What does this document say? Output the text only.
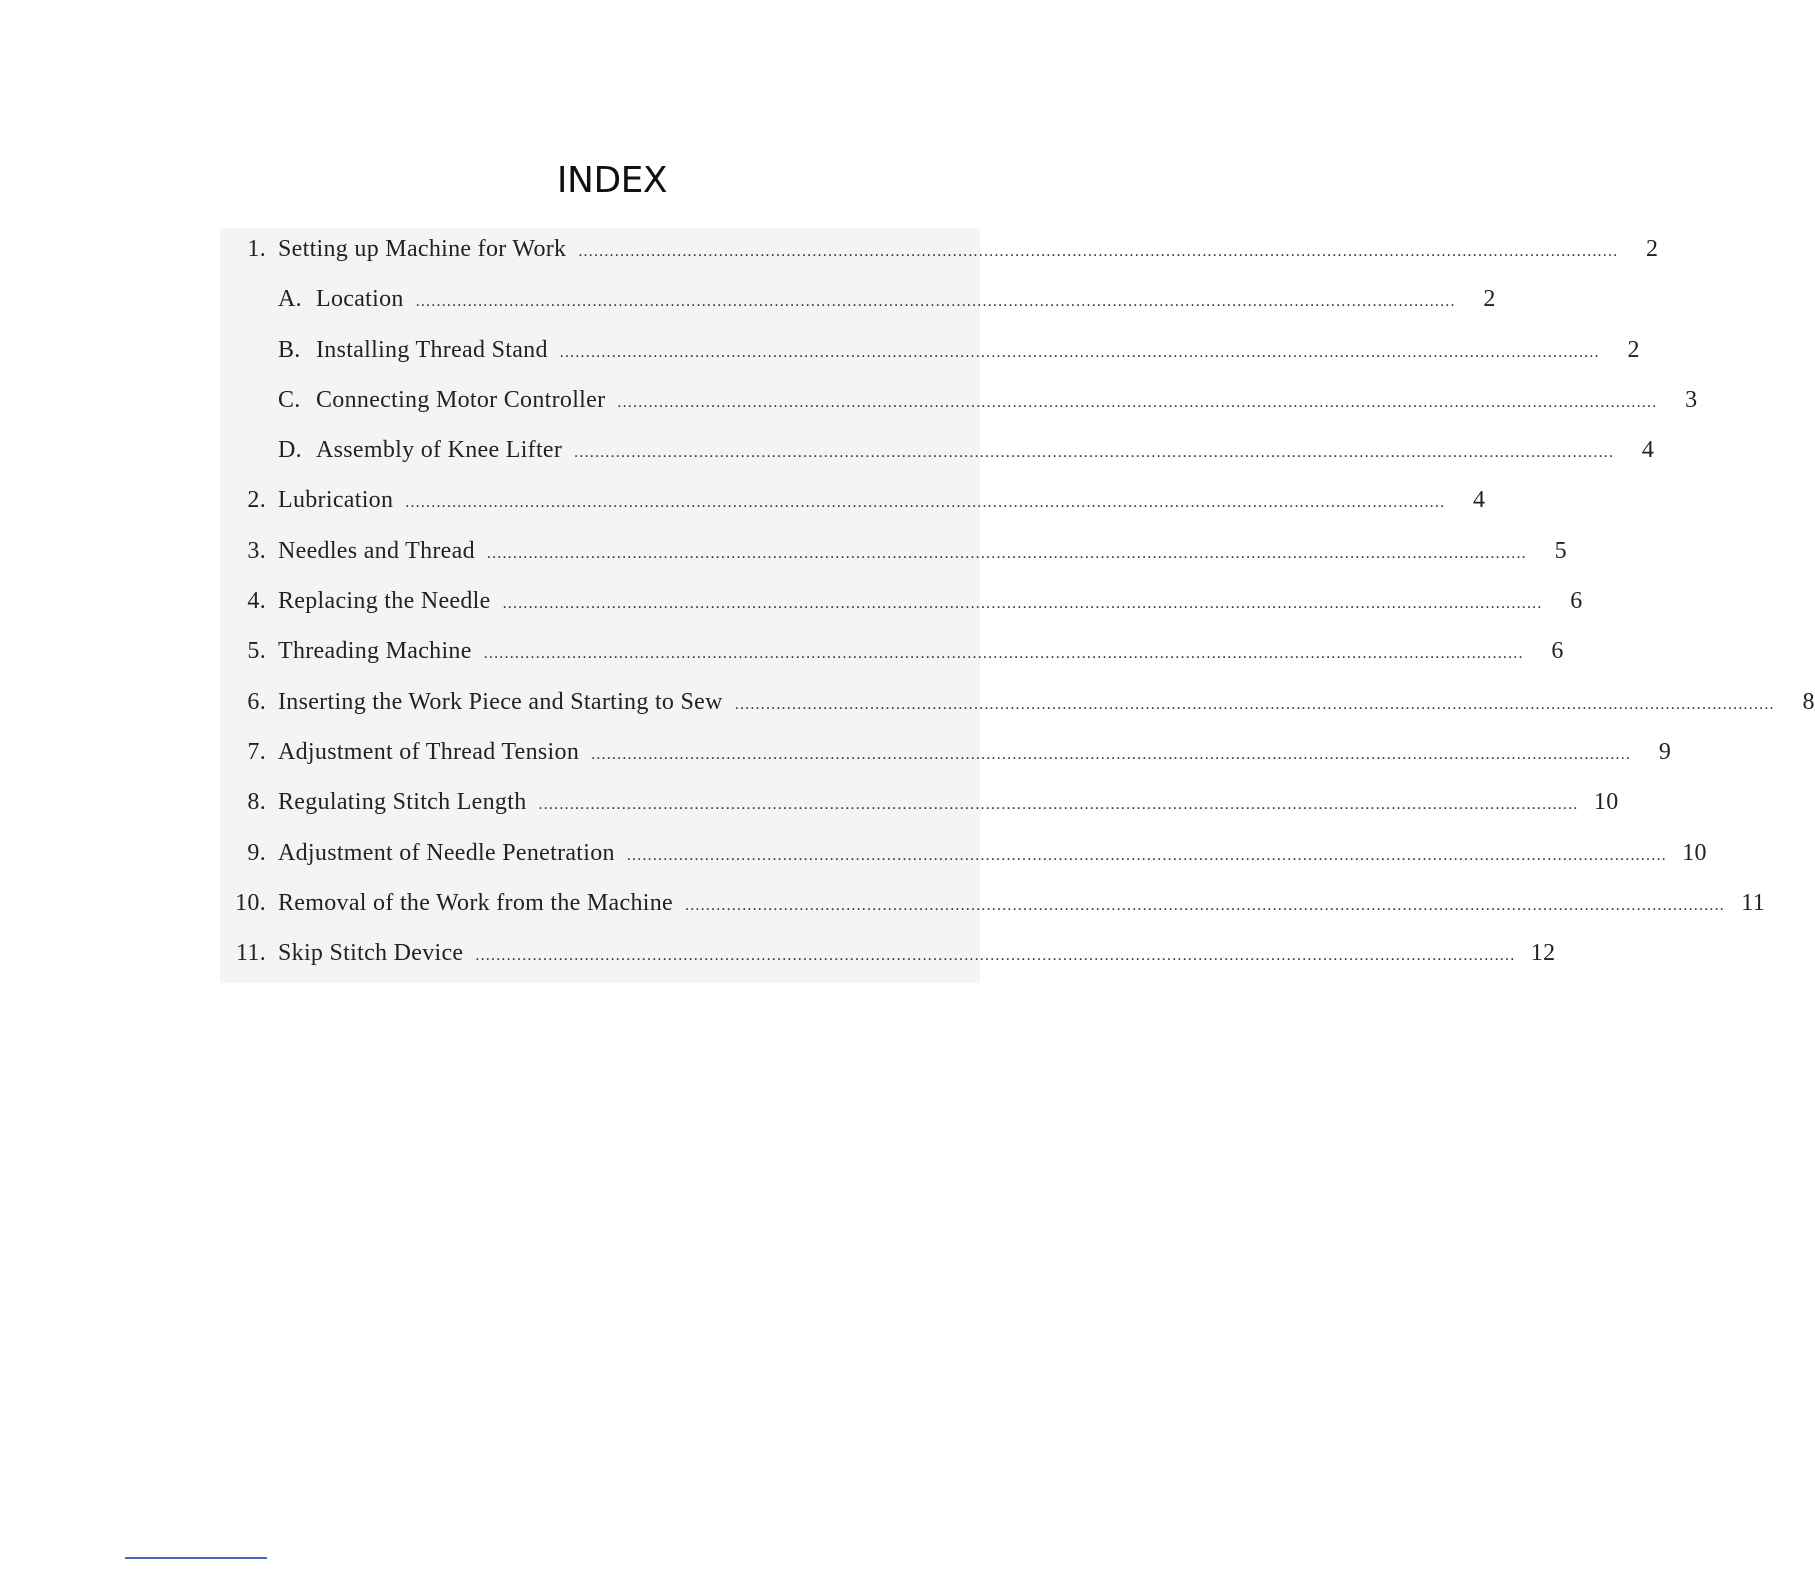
INDEX
1. Setting up Machine for Work ........................................................................................................................................................................................................	2
A. Location ........................................................................................................................................................................................................	2
B. Installing Thread Stand ........................................................................................................................................................................................................	2
C. Connecting Motor Controller ........................................................................................................................................................................................................	3
D. Assembly of Knee Lifter ........................................................................................................................................................................................................	4
2. Lubrication ........................................................................................................................................................................................................	4
3. Needles and Thread ........................................................................................................................................................................................................	5
4. Replacing the Needle ........................................................................................................................................................................................................	6
5. Threading Machine ........................................................................................................................................................................................................	6
6. Inserting the Work Piece and Starting to Sew ........................................................................................................................................................................................................	8
7. Adjustment of Thread Tension ........................................................................................................................................................................................................	9
8. Regulating Stitch Length ........................................................................................................................................................................................................ 10
9. Adjustment of Needle Penetration ........................................................................................................................................................................................................ 10
10. Removal of the Work from the Machine ........................................................................................................................................................................................................ 11
11. Skip Stitch Device ........................................................................................................................................................................................................ 12
